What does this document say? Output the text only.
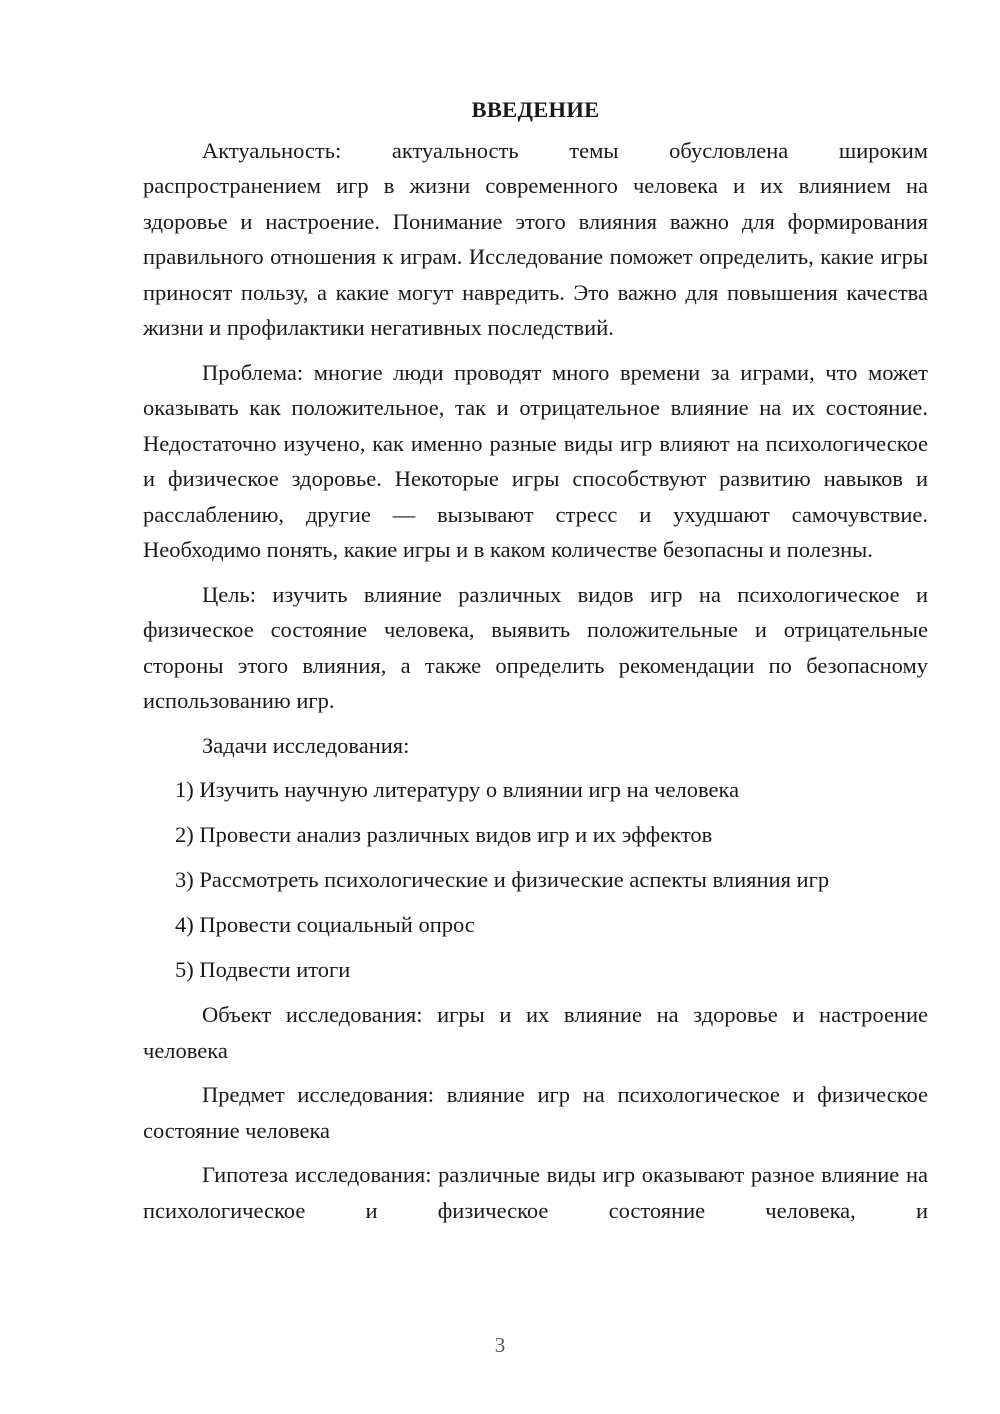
ВВЕДЕНИЕ

Актуальность: актуальность темы обусловлена широким распространением игр в жизни современного человека и их влиянием на здоровье и настроение. Понимание этого влияния важно для формирования правильного отношения к играм. Исследование поможет определить, какие игры приносят пользу, а какие могут навредить. Это важно для повышения качества жизни и профилактики негативных последствий.

Проблема: многие люди проводят много времени за играми, что может оказывать как положительное, так и отрицательное влияние на их состояние. Недостаточно изучено, как именно разные виды игр влияют на психологическое и физическое здоровье. Некоторые игры способствуют развитию навыков и расслаблению, другие — вызывают стресс и ухудшают самочувствие. Необходимо понять, какие игры и в каком количестве безопасны и полезны.

Цель: изучить влияние различных видов игр на психологическое и физическое состояние человека, выявить положительные и отрицательные стороны этого влияния, а также определить рекомендации по безопасному использованию игр.

Задачи исследования:

1) Изучить научную литературу о влиянии игр на человека
2) Провести анализ различных видов игр и их эффектов
3) Рассмотреть психологические и физические аспекты влияния игр
4) Провести социальный опрос
5) Подвести итоги

Объект исследования: игры и их влияние на здоровье и настроение человека

Предмет исследования: влияние игр на психологическое и физическое состояние человека

Гипотеза исследования: различные виды игр оказывают разное влияние на психологическое и физическое состояние человека, и

3
